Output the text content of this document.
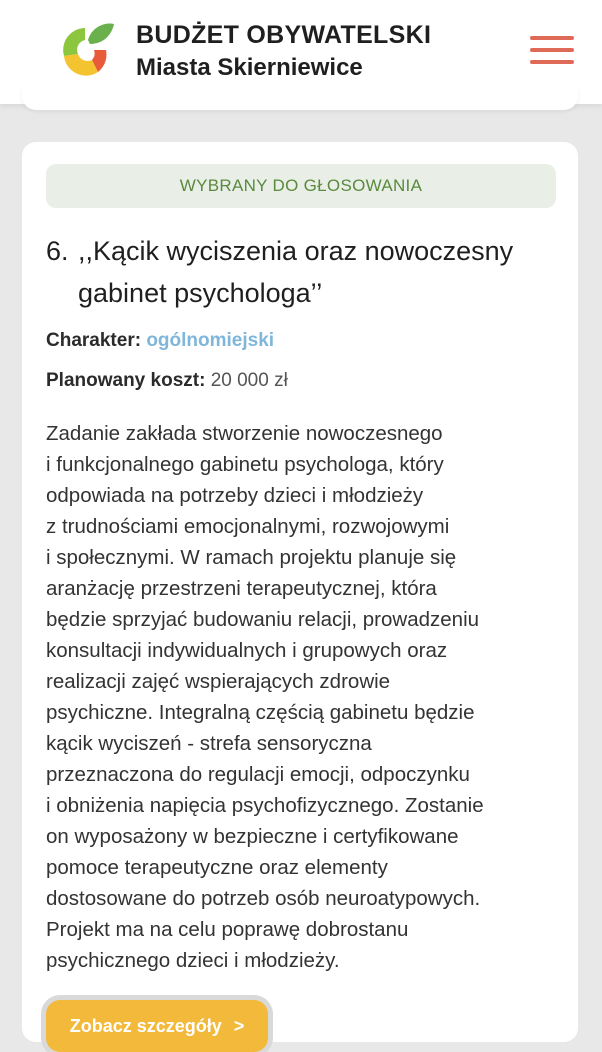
BUDŻET OBYWATELSKI
Miasta Skierniewice
WYBRANY DO GŁOSOWANIA
6. ,,Kącik wyciszenia oraz nowoczesny gabinet psychologa’’
Charakter: ogólnomiejski
Planowany koszt: 20 000 zł
Zadanie zakłada stworzenie nowoczesnego
i funkcjonalnego gabinetu psychologa, który
odpowiada na potrzeby dzieci i młodzieży
z trudnościami emocjonalnymi, rozwojowymi
i społecznymi. W ramach projektu planuje się
aranżację przestrzeni terapeutycznej, która
będzie sprzyjać budowaniu relacji, prowadzeniu
konsultacji indywidualnych i grupowych oraz
realizacji zajęć wspierających zdrowie
psychiczne. Integralną częścią gabinetu będzie
kącik wyciszeń - strefa sensoryczna
przeznaczona do regulacji emocji, odpoczynku
i obniżenia napięcia psychofizycznego. Zostanie
on wyposażony w bezpieczne i certyfikowane
pomoce terapeutyczne oraz elementy
dostosowane do potrzeb osób neuroatypowych.
Projekt ma na celu poprawę dobrostanu
psychicznego dzieci i młodzieży.
Zobacz szczegóły >
